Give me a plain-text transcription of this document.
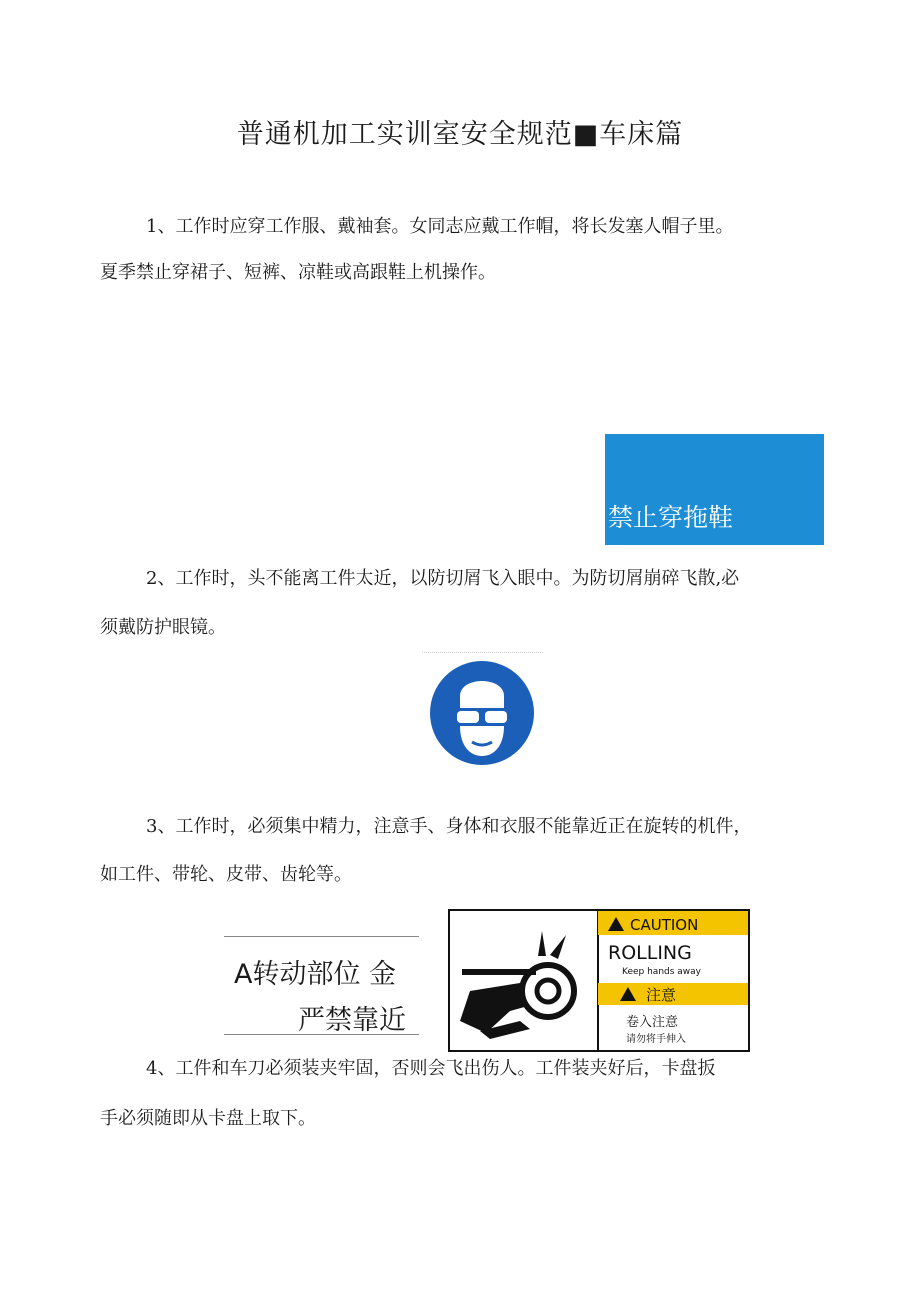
普通机加工实训室安全规范■车床篇
1、工作时应穿工作服、戴袖套。女同志应戴工作帽，将长发塞人帽子里。
夏季禁止穿裙子、短裤、凉鞋或高跟鞋上机操作。
禁止穿拖鞋
2、工作时，头不能离工件太近，以防切屑飞入眼中。为防切屑崩碎飞散,必
须戴防护眼镜。
3、工作时，必须集中精力，注意手、身体和衣服不能靠近正在旋转的机件，
如工件、带轮、皮带、齿轮等。
A转动部位 金
严禁靠近
CAUTION
ROLLING
Keep hands away
注意
卷入注意
请勿将手伸入
4、工件和车刀必须装夹牢固，否则会飞出伤人。工件装夹好后，卡盘扳
手必须随即从卡盘上取下。
